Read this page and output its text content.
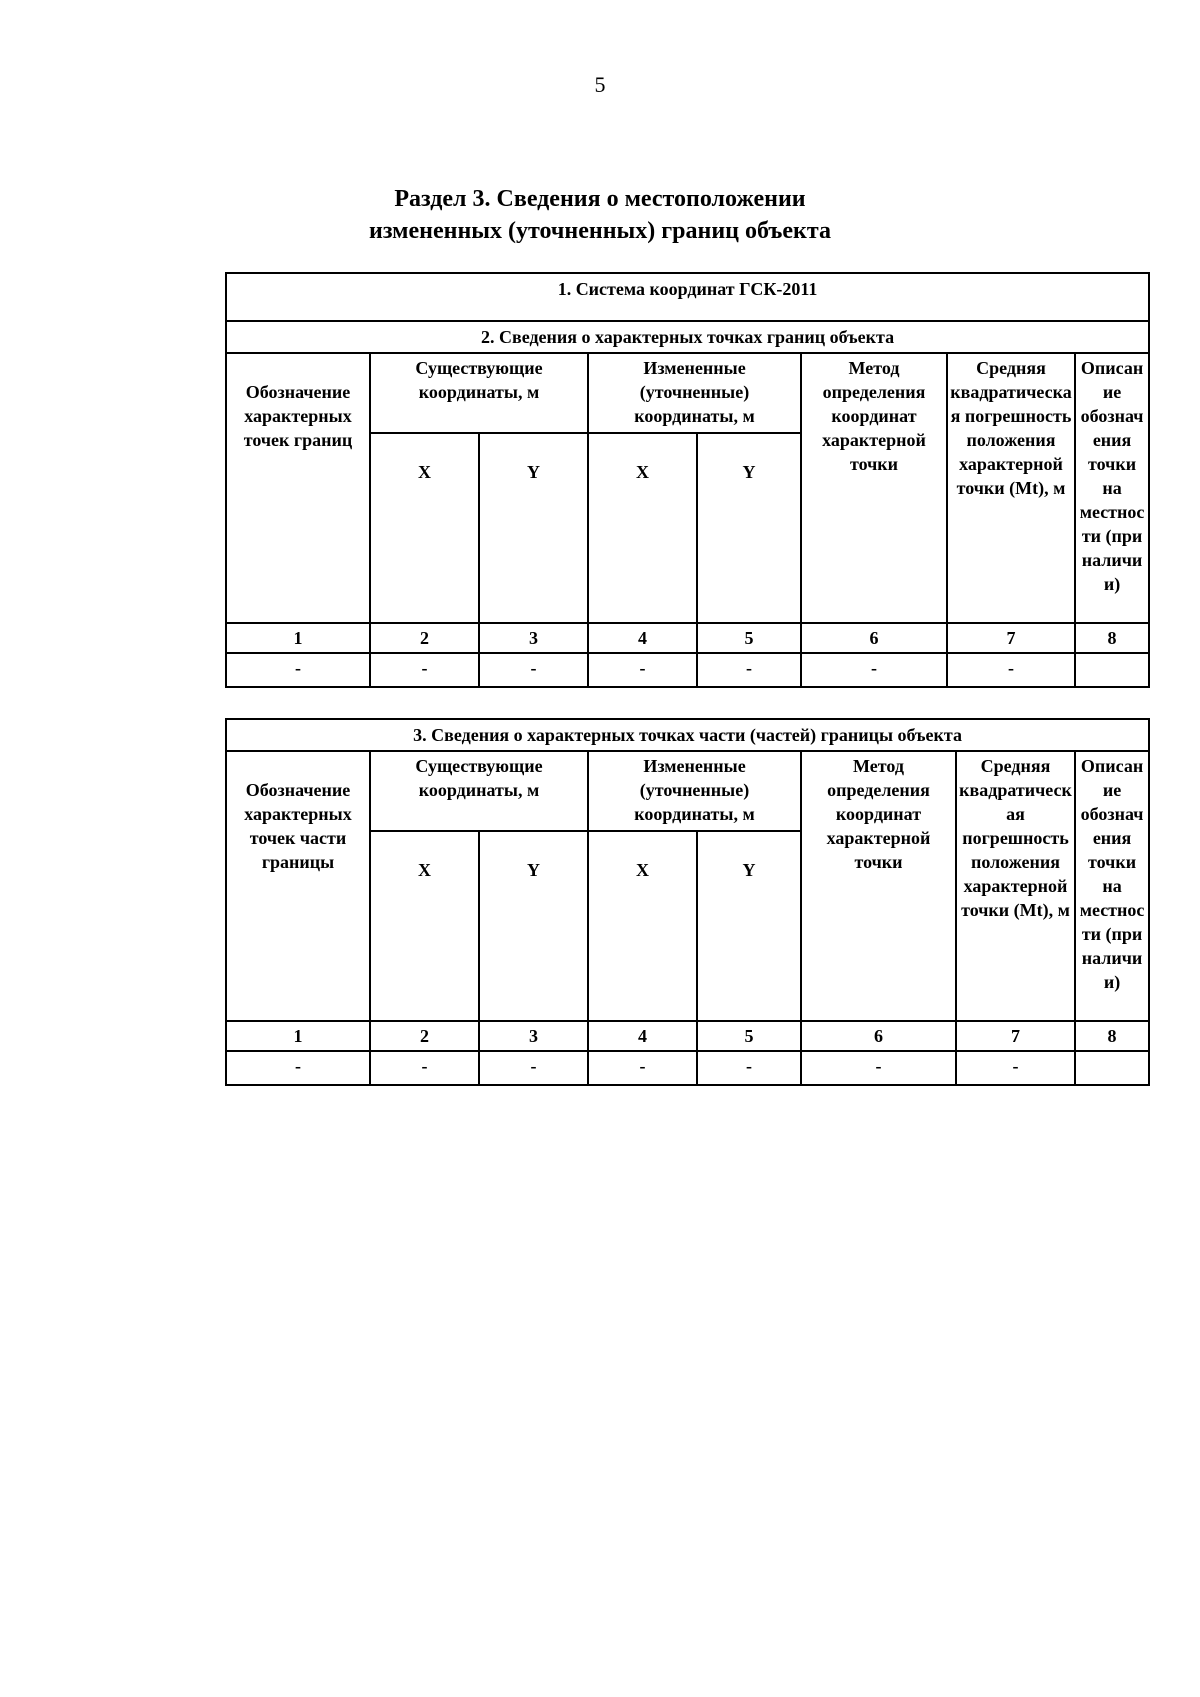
5
Раздел 3. Сведения о местоположении
измененных (уточненных) границ объекта
1. Система координат ГСК-2011							
2. Сведения о характерных точках границ объекта							
Обозначение характерных точек границ	Существующие координаты, м		Измененные (уточненные) координаты, м		Метод определения координат характерной точки	Средняя квадратическая погрешность положения характерной точки (Mt), м	Описание обозначения точки на местности (при наличии)
	X	Y	X	Y			
1	2	3	4	5	6	7	8
-	-	-	-	-	-	-	
3. Сведения о характерных точках части (частей) границы объекта							
Обозначение характерных точек части границы	Существующие координаты, м		Измененные (уточненные) координаты, м		Метод определения координат характерной точки	Средняя квадратическая погрешность положения характерной точки (Mt), м	Описание обозначения точки на местности (при наличии)
	X	Y	X	Y			
1	2	3	4	5	6	7	8
-	-	-	-	-	-	-	
